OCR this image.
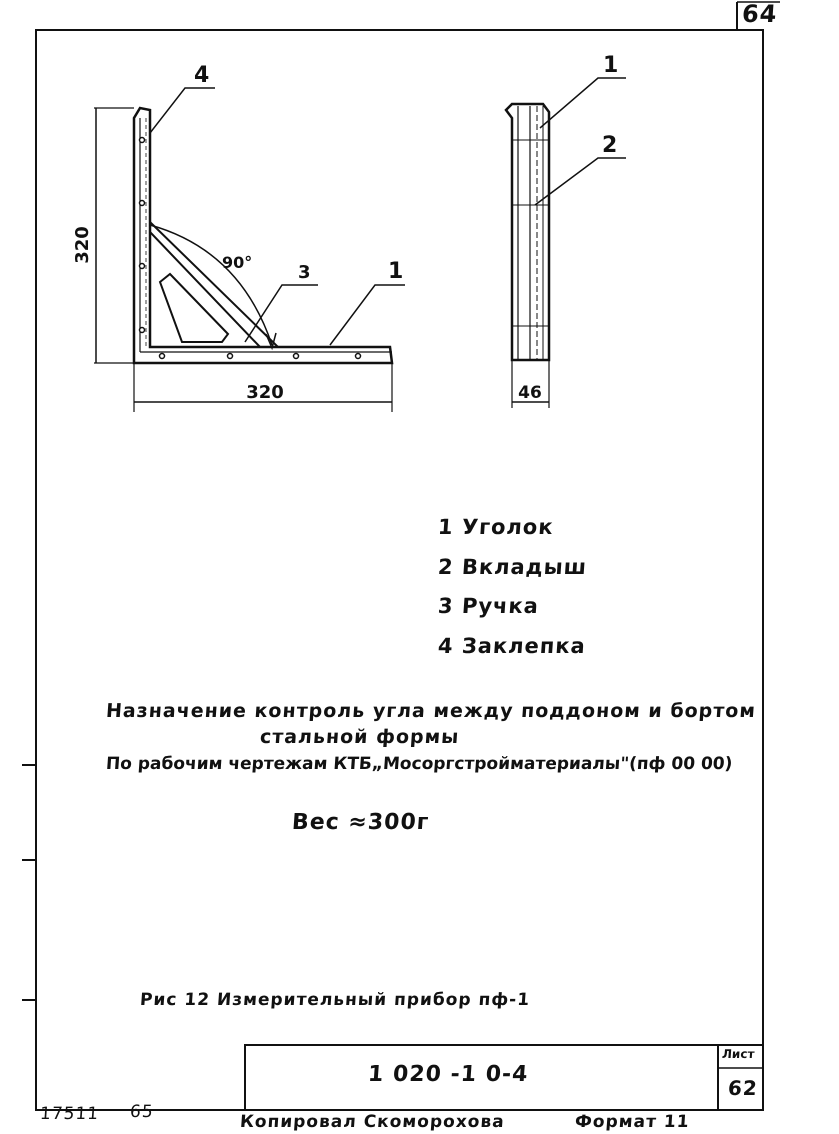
64
320
320	46
90°
4
3	1
1
2
1 Уголок
2 Вкладыш
3 Ручка
4 Заклепка
Назначение контроль угла между поддоном и бортом
стальной формы
По рабочим чертежам КТБ„Мосоргстройматериалы"(пф 00 00)
Вес ≈300г
Рис 12 Измерительный прибор пф-1
1 020 -1 0-4
Лист
62
17511 65	Копировал Скоморохова	Формат 11
